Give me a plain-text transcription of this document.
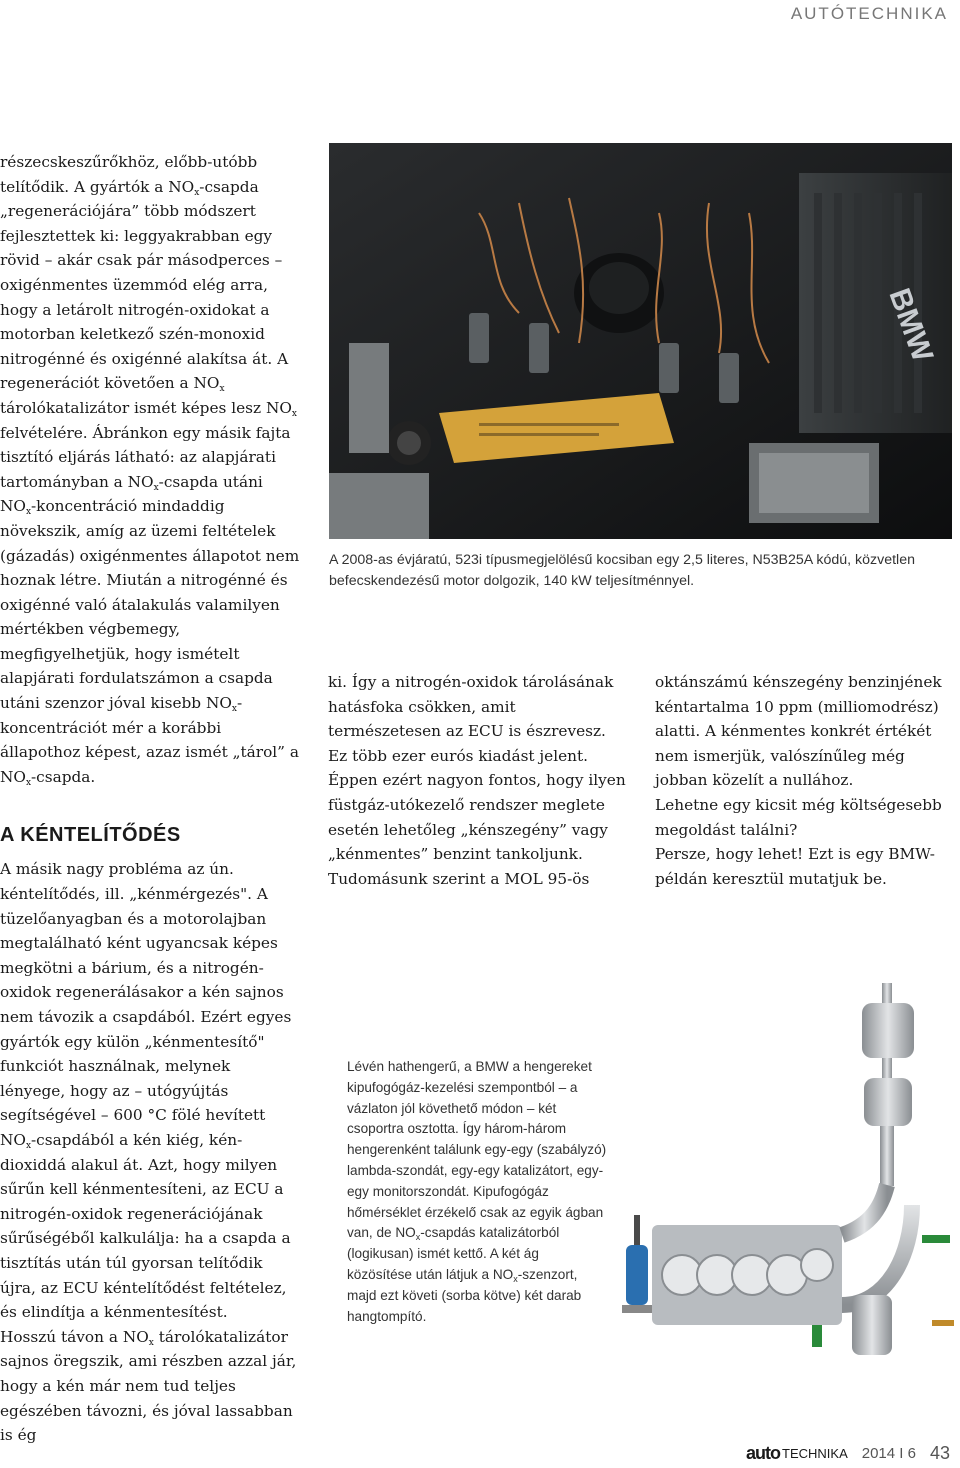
AUTÓTECHNIKA

részecskeszűrőkhöz, előbb-utóbb telítődik. A gyártók a $NO_x$-csapda „regenerációjára” több módszert fejlesztettek ki: leggyakrabban egy rövid – akár csak pár másodperces – oxigénmentes üzemmód elég arra, hogy a letárolt nitrogén-oxidokat a motorban keletkező szén-monoxid nitrogénné és oxigénné alakítsa át. A regenerációt követően a $NO_x$ tárolókatalizátor ismét képes lesz $NO_x$ felvételére. Ábránkon egy másik fajta tisztító eljárás látható: az alapjárati tartományban a $NO_x$-csapda utáni $NO_x$-koncentráció mindaddig növekszik, amíg az üzemi feltételek (gázadás) oxigénmentes állapotot nem hoznak létre. Miután a nitrogénné és oxigénné való átalakulás valamilyen mértékben végbemegy, megfigyelhetjük, hogy ismételt alapjárati fordulatszámon a csapda utáni szenzor jóval kisebb $NO_x$-koncentrációt mér a korábbi állapothoz képest, azaz ismét „tárol” a $NO_x$-csapda.

A KÉNTELÍTŐDÉS

A másik nagy probléma az ún. kéntelítődés, ill. „kénmérgezés". A tüzelőanyagban és a motorolajban megtalálható ként ugyancsak képes megkötni a bárium, és a nitrogén-oxidok regenerálásakor a kén sajnos nem távozik a csapdából. Ezért egyes gyártók egy külön „kénmentesítő" funkciót használnak, melynek lényege, hogy az – utógyújtás segítségével – 600 °C fölé hevített $NO_x$-csapdából a kén kiég, kén-dioxiddá alakul át. Azt, hogy milyen sűrűn kell kénmentesíteni, az ECU a nitrogén-oxidok regenerációjának sűrűségéből kalkulálja: ha a csapda a tisztítás után túl gyorsan telítődik újra, az ECU kéntelítődést feltételez, és elindítja a kénmentesítést.

Hosszú távon a $NO_x$ tárolókatalizátor sajnos öregszik, ami részben azzal jár, hogy a kén már nem tud teljes egészében távozni, és jóval lassabban is ég

BMW
A 2008-as évjáratú, 523i típusmegjelölésű kocsiban egy 2,5 literes, N53B25A kódú, közvetlen befecskendezésű motor dolgozik, 140 kW teljesítménnyel.

ki. Így a nitrogén-oxidok tárolásának hatásfoka csökken, amit természetesen az ECU is észrevesz. Ez több ezer eurós kiadást jelent.

Éppen ezért nagyon fontos, hogy ilyen füstgáz-utókezelő rendszer meglete esetén lehetőleg „kénszegény” vagy „kénmentes” benzint tankoljunk. Tudomásunk szerint a MOL 95-ös

oktánszámú kénszegény benzinjének kéntartalma 10 ppm (milliomodrész) alatti. A kénmentes konkrét értékét nem ismerjük, valószínűleg még jobban közelít a nullához.

Lehetne egy kicsit még költségesebb megoldást találni?

Persze, hogy lehet! Ezt is egy BMW-példán keresztül mutatjuk be.

Lévén hathengerű, a BMW a hengereket kipufogógáz-kezelési szempontból – a vázlaton jól követhető módon – két csoportra osztotta. Így három-három hengerenként találunk egy-egy (szabályzó) lambda-szondát, egy-egy katalizátort, egy-egy monitorszondát. Kipufogógáz hőmérséklet érzékelő csak az egyik ágban van, de $NO_x$-csapdás katalizátorból (logikusan) ismét kettő. A két ág közösítése után látjuk a $NO_x$-szenzort, majd ezt követi (sorba kötve) két darab hangtompító.
auto TECHNIKA 2014 I 6 43
